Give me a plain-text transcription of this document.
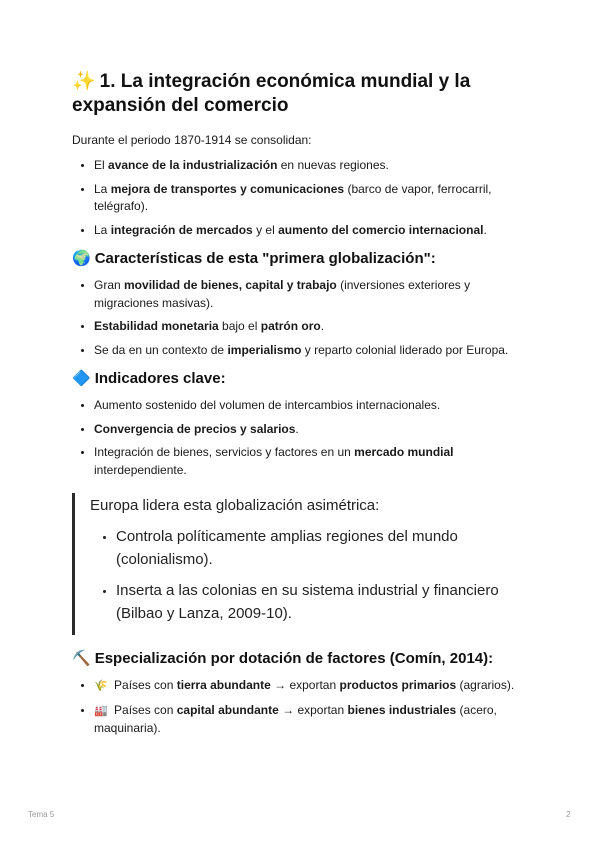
✨ 1. La integración económica mundial y la expansión del comercio

Durante el periodo 1870-1914 se consolidan:

• El avance de la industrialización en nuevas regiones.
• La mejora de transportes y comunicaciones (barco de vapor, ferrocarril, telégrafo).
• La integración de mercados y el aumento del comercio internacional.
🌍 Características de esta "primera globalización":
• Gran movilidad de bienes, capital y trabajo (inversiones exteriores y migraciones masivas).
• Estabilidad monetaria bajo el patrón oro.
• Se da en un contexto de imperialismo y reparto colonial liderado por Europa.
🔷 Indicadores clave:
• Aumento sostenido del volumen de intercambios internacionales.
• Convergencia de precios y salarios.
• Integración de bienes, servicios y factores en un mercado mundial interdependiente.

Europa lidera esta globalización asimétrica:

• Controla políticamente amplias regiones del mundo (colonialismo).
• Inserta a las colonias en su sistema industrial y financiero (Bilbao y Lanza, 2009-10).
⛏️ Especialización por dotación de factores (Comín, 2014):
• 🌾 Países con tierra abundante → exportan productos primarios (agrarios).
• 🏭 Países con capital abundante → exportan bienes industriales (acero, maquinaria).
Tema 5	2
